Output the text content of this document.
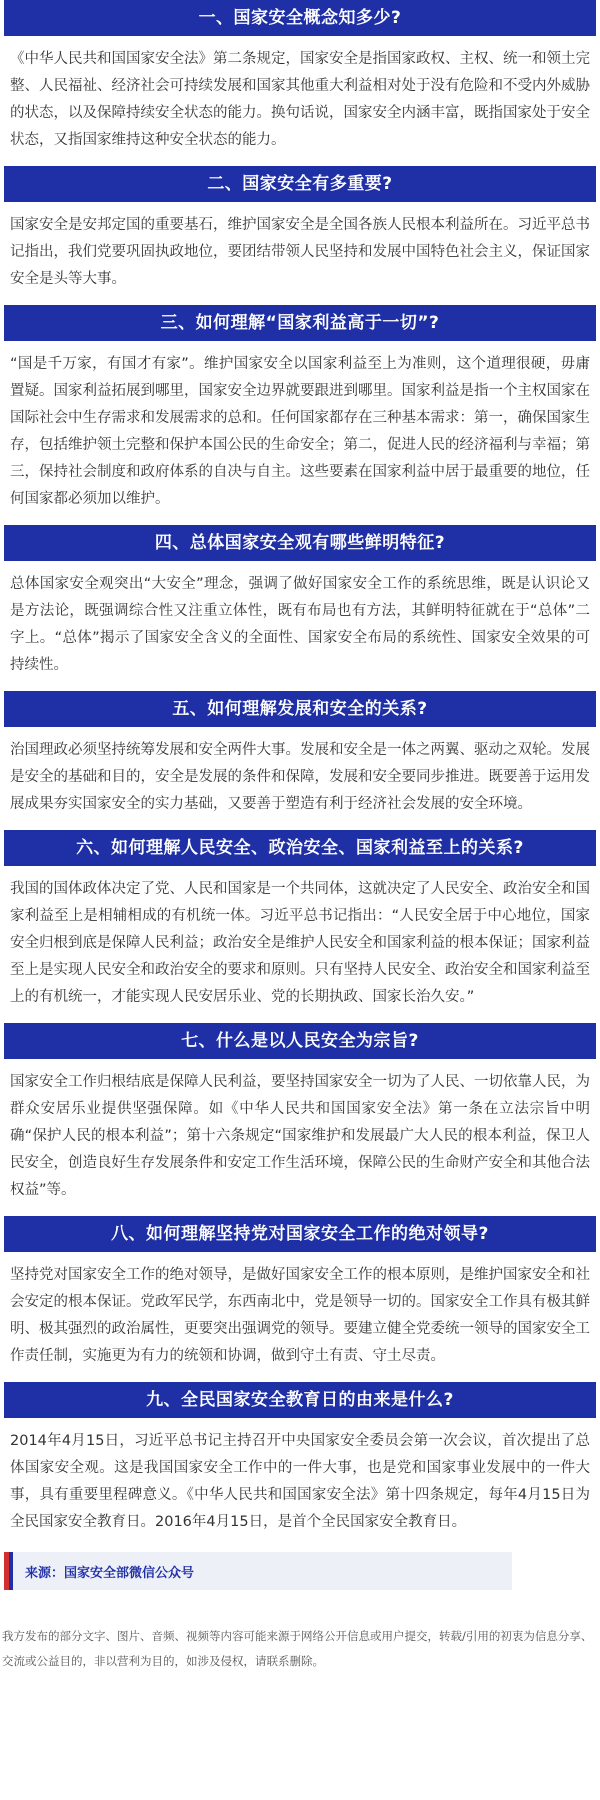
一、国家安全概念知多少?
《中华人民共和国国家安全法》第二条规定，国家安全是指国家政权、主权、统一和领土完整、人民福祉、经济社会可持续发展和国家其他重大利益相对处于没有危险和不受内外威胁的状态，以及保障持续安全状态的能力。换句话说，国家安全内涵丰富，既指国家处于安全状态，又指国家维持这种安全状态的能力。
二、国家安全有多重要?
国家安全是安邦定国的重要基石，维护国家安全是全国各族人民根本利益所在。习近平总书记指出，我们党要巩固执政地位，要团结带领人民坚持和发展中国特色社会主义，保证国家安全是头等大事。
三、如何理解“国家利益高于一切”?
“国是千万家，有国才有家”。维护国家安全以国家利益至上为准则，这个道理很硬，毋庸置疑。国家利益拓展到哪里，国家安全边界就要跟进到哪里。国家利益是指一个主权国家在国际社会中生存需求和发展需求的总和。任何国家都存在三种基本需求：第一，确保国家生存，包括维护领土完整和保护本国公民的生命安全；第二，促进人民的经济福利与幸福；第三，保持社会制度和政府体系的自决与自主。这些要素在国家利益中居于最重要的地位，任何国家都必须加以维护。
四、总体国家安全观有哪些鲜明特征?
总体国家安全观突出“大安全”理念，强调了做好国家安全工作的系统思维，既是认识论又是方法论，既强调综合性又注重立体性，既有布局也有方法，其鲜明特征就在于“总体”二字上。“总体”揭示了国家安全含义的全面性、国家安全布局的系统性、国家安全效果的可持续性。
五、如何理解发展和安全的关系?
治国理政必须坚持统筹发展和安全两件大事。发展和安全是一体之两翼、驱动之双轮。发展是安全的基础和目的，安全是发展的条件和保障，发展和安全要同步推进。既要善于运用发展成果夯实国家安全的实力基础，又要善于塑造有利于经济社会发展的安全环境。
六、如何理解人民安全、政治安全、国家利益至上的关系?
我国的国体政体决定了党、人民和国家是一个共同体，这就决定了人民安全、政治安全和国家利益至上是相辅相成的有机统一体。习近平总书记指出：“人民安全居于中心地位，国家安全归根到底是保障人民利益；政治安全是维护人民安全和国家利益的根本保证；国家利益至上是实现人民安全和政治安全的要求和原则。只有坚持人民安全、政治安全和国家利益至上的有机统一，才能实现人民安居乐业、党的长期执政、国家长治久安。”
七、什么是以人民安全为宗旨?
国家安全工作归根结底是保障人民利益，要坚持国家安全一切为了人民、一切依靠人民，为群众安居乐业提供坚强保障。如《中华人民共和国国家安全法》第一条在立法宗旨中明确“保护人民的根本利益”；第十六条规定“国家维护和发展最广大人民的根本利益，保卫人民安全，创造良好生存发展条件和安定工作生活环境，保障公民的生命财产安全和其他合法权益”等。
八、如何理解坚持党对国家安全工作的绝对领导?
坚持党对国家安全工作的绝对领导，是做好国家安全工作的根本原则，是维护国家安全和社会安定的根本保证。党政军民学，东西南北中，党是领导一切的。国家安全工作具有极其鲜明、极其强烈的政治属性，更要突出强调党的领导。要建立健全党委统一领导的国家安全工作责任制，实施更为有力的统领和协调，做到守土有责、守土尽责。
九、全民国家安全教育日的由来是什么?
2014年4月15日，习近平总书记主持召开中央国家安全委员会第一次会议，首次提出了总体国家安全观。这是我国国家安全工作中的一件大事，也是党和国家事业发展中的一件大事，具有重要里程碑意义。《中华人民共和国国家安全法》第十四条规定，每年4月15日为全民国家安全教育日。2016年4月15日，是首个全民国家安全教育日。
来源：国家安全部微信公众号
我方发布的部分文字、图片、音频、视频等内容可能来源于网络公开信息或用户提交，转载/引用的初衷为信息分享、交流或公益目的，非以营利为目的，如涉及侵权，请联系删除。
